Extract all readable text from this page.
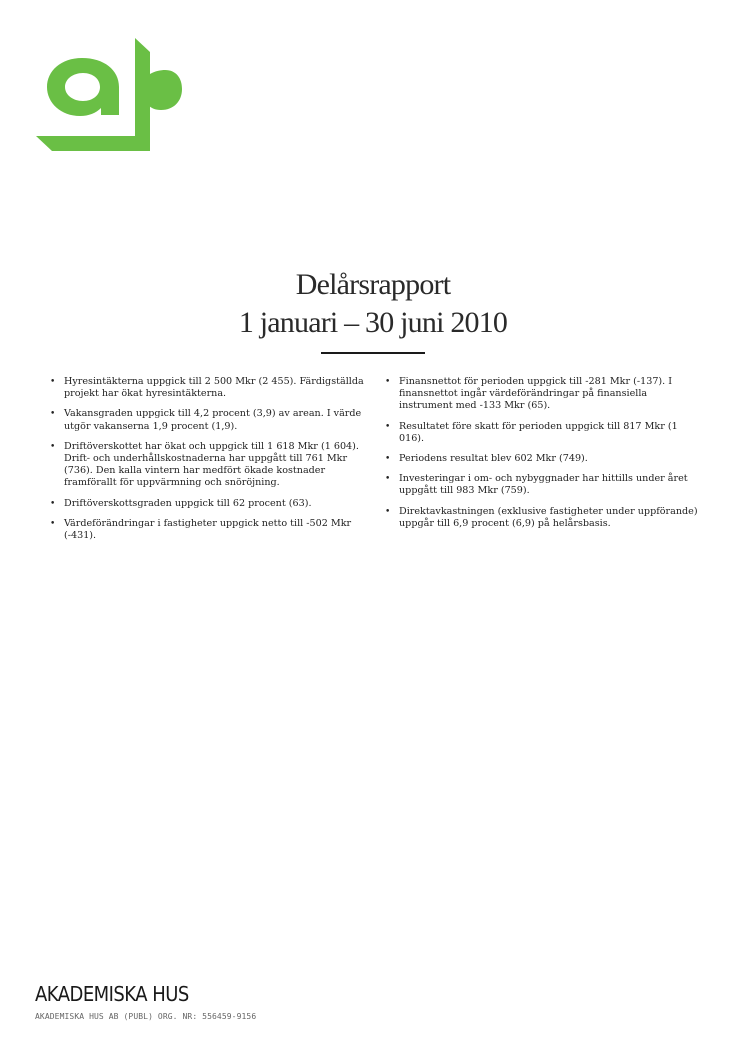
Delårsrapport
1 januari – 30 juni 2010
• Hyresintäkterna uppgick till 2 500 Mkr (2 455). Färdigställda projekt har ökat hyresintäkterna.
• Vakansgraden uppgick till 4,2 procent (3,9) av arean. I värde utgör vakanserna 1,9 procent (1,9).
• Driftöverskottet har ökat och uppgick till 1 618 Mkr (1 604). Drift- och underhållskostnaderna har uppgått till 761 Mkr (736). Den kalla vintern har medfört ökade kostnader framförallt för uppvärmning och snöröjning.
• Driftöverskottsgraden uppgick till 62 procent (63).
• Värdeförändringar i fastigheter uppgick netto till -502 Mkr (-431).
• Finansnettot för perioden uppgick till -281 Mkr (-137). I finansnettot ingår värdeförändringar på finansiella instrument med -133 Mkr (65).
• Resultatet före skatt för perioden uppgick till 817 Mkr (1 016).
• Periodens resultat blev 602 Mkr (749).
• Investeringar i om- och nybyggnader har hittills under året uppgått till 983 Mkr (759).
• Direktavkastningen (exklusive fastigheter under uppförande) uppgår till 6,9 procent (6,9) på helårsbasis.
AKADEMISKA HUS
AKADEMISKA HUS AB (PUBL) ORG. NR: 556459-9156
